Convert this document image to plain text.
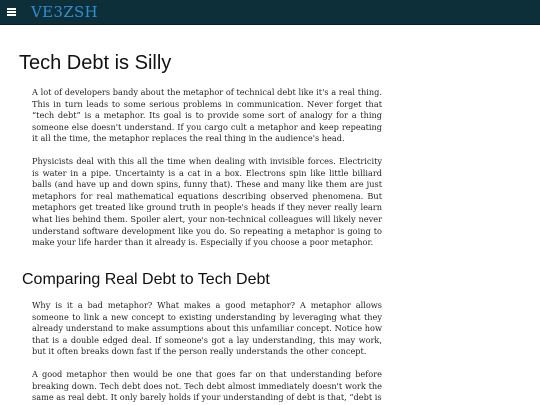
VE3ZSH
Tech Debt is Silly

A lot of developers bandy about the metaphor of technical debt like it's a real thing. This in turn leads to some serious problems in communication. Never forget that “tech debt” is a metaphor. Its goal is to provide some sort of analogy for a thing someone else doesn't understand. If you cargo cult a metaphor and keep repeating it all the time, the metaphor replaces the real thing in the audience's head.

Physicists deal with this all the time when dealing with invisible forces. Electricity is water in a pipe. Uncertainty is a cat in a box. Electrons spin like little billiard balls (and have up and down spins, funny that). These and many like them are just metaphors for real mathematical equations describing observed phenomena. But metaphors get treated like ground truth in people's heads if they never really learn what lies behind them. Spoiler alert, your non-technical colleagues will likely never understand software development like you do. So repeating a metaphor is going to make your life harder than it already is. Especially if you choose a poor metaphor.

Comparing Real Debt to Tech Debt

Why is it a bad metaphor? What makes a good metaphor? A metaphor allows someone to link a new concept to existing understanding by leveraging what they already understand to make assumptions about this unfamiliar concept. Notice how that is a double edged deal. If someone's got a lay understanding, this may work, but it often breaks down fast if the person really understands the other concept.

A good metaphor then would be one that goes far on that understanding before breaking down. Tech debt does not. Tech debt almost immediately doesn't work the same as real debt. It only barely holds if your understanding of debt is that, “debt is
